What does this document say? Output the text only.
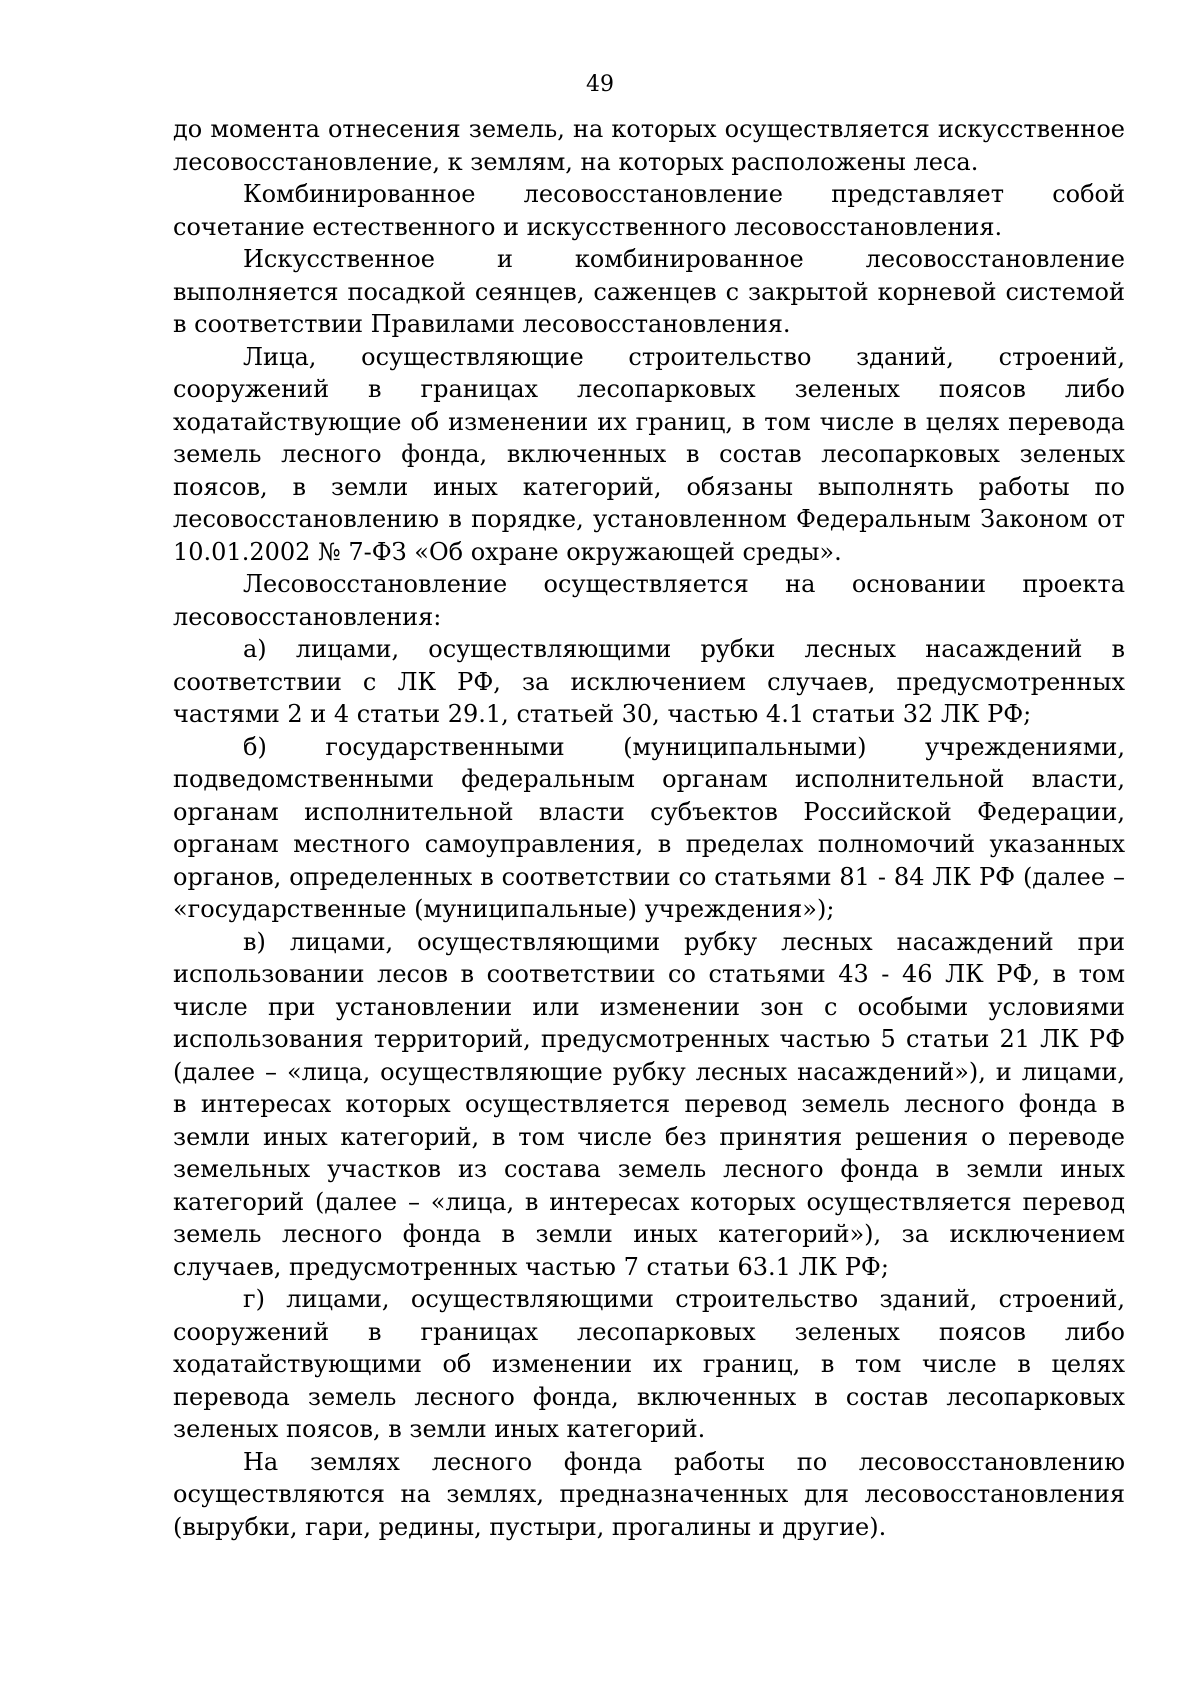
49

до момента отнесения земель, на которых осуществляется искусственное лесовосстановление, к землям, на которых расположены леса.

Комбинированное лесовосстановление представляет собой сочетание естественного и искусственного лесовосстановления.

Искусственное и комбинированное лесовосстановление выполняется посадкой сеянцев, саженцев с закрытой корневой системой в соответствии Правилами лесовосстановления.

Лица, осуществляющие строительство зданий, строений, сооружений в границах лесопарковых зеленых поясов либо ходатайствующие об изменении их границ, в том числе в целях перевода земель лесного фонда, включенных в состав лесопарковых зеленых поясов, в земли иных категорий, обязаны выполнять работы по лесовосстановлению в порядке, установленном Федеральным Законом от 10.01.2002 № 7-ФЗ «Об охране окружающей среды».

Лесовосстановление осуществляется на основании проекта лесовосстановления:

а) лицами, осуществляющими рубки лесных насаждений в соответствии с ЛК РФ, за исключением случаев, предусмотренных частями 2 и 4 статьи 29.1, статьей 30, частью 4.1 статьи 32 ЛК РФ;

б) государственными (муниципальными) учреждениями, подведомственными федеральным органам исполнительной власти, органам исполнительной власти субъектов Российской Федерации, органам местного самоуправления, в пределах полномочий указанных органов, определенных в соответствии со статьями 81 - 84 ЛК РФ (далее – «государственные (муниципальные) учреждения»);

в) лицами, осуществляющими рубку лесных насаждений при использовании лесов в соответствии со статьями 43 - 46 ЛК РФ, в том числе при установлении или изменении зон с особыми условиями использования территорий, предусмотренных частью 5 статьи 21 ЛК РФ (далее – «лица, осуществляющие рубку лесных насаждений»), и лицами, в интересах которых осуществляется перевод земель лесного фонда в земли иных категорий, в том числе без принятия решения о переводе земельных участков из состава земель лесного фонда в земли иных категорий (далее – «лица, в интересах которых осуществляется перевод земель лесного фонда в земли иных категорий»), за исключением случаев, предусмотренных частью 7 статьи 63.1 ЛК РФ;

г) лицами, осуществляющими строительство зданий, строений, сооружений в границах лесопарковых зеленых поясов либо ходатайствующими об изменении их границ, в том числе в целях перевода земель лесного фонда, включенных в состав лесопарковых зеленых поясов, в земли иных категорий.

На землях лесного фонда работы по лесовосстановлению осуществляются на землях, предназначенных для лесовосстановления (вырубки, гари, редины, пустыри, прогалины и другие).
